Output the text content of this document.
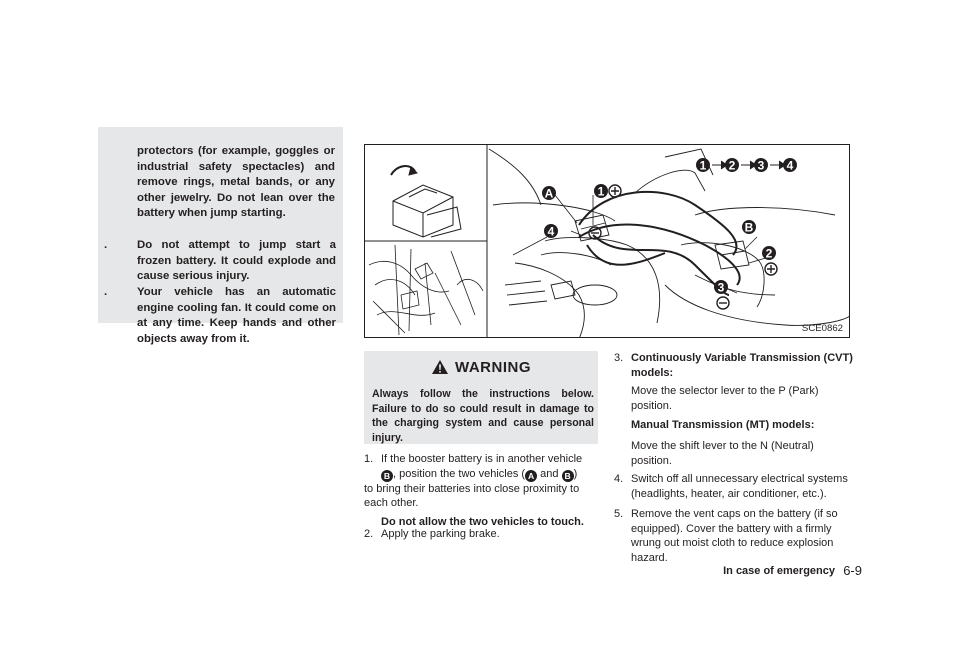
protectors (for example, goggles or industrial safety spectacles) and remove rings, metal bands, or any other jewelry. Do not lean over the battery when jump starting.
.	Do not attempt to jump start a frozen battery. It could explode and cause serious injury.
.	Your vehicle has an automatic engine cooling fan. It could come on at any time. Keep hands and other objects away from it.
1 2 3 4
A	1
4	B
2
3
SCE0862
WARNING
Always follow the instructions below. Failure to do so could result in damage to the charging system and cause personal injury.
1. If the booster battery is in another vehicle
B , position the two vehicles ( A and B )
to bring their batteries into close proximity to each other.
Do not allow the two vehicles to touch.
2. Apply the parking brake.
3. Continuously Variable Transmission (CVT) models:
Move the selector lever to the P (Park) position.
Manual Transmission (MT) models:
Move the shift lever to the N (Neutral) position.
4. Switch off all unnecessary electrical systems (headlights, heater, air conditioner, etc.).
5. Remove the vent caps on the battery (if so equipped). Cover the battery with a firmly wrung out moist cloth to reduce explosion hazard.
In case of emergency 6-9
